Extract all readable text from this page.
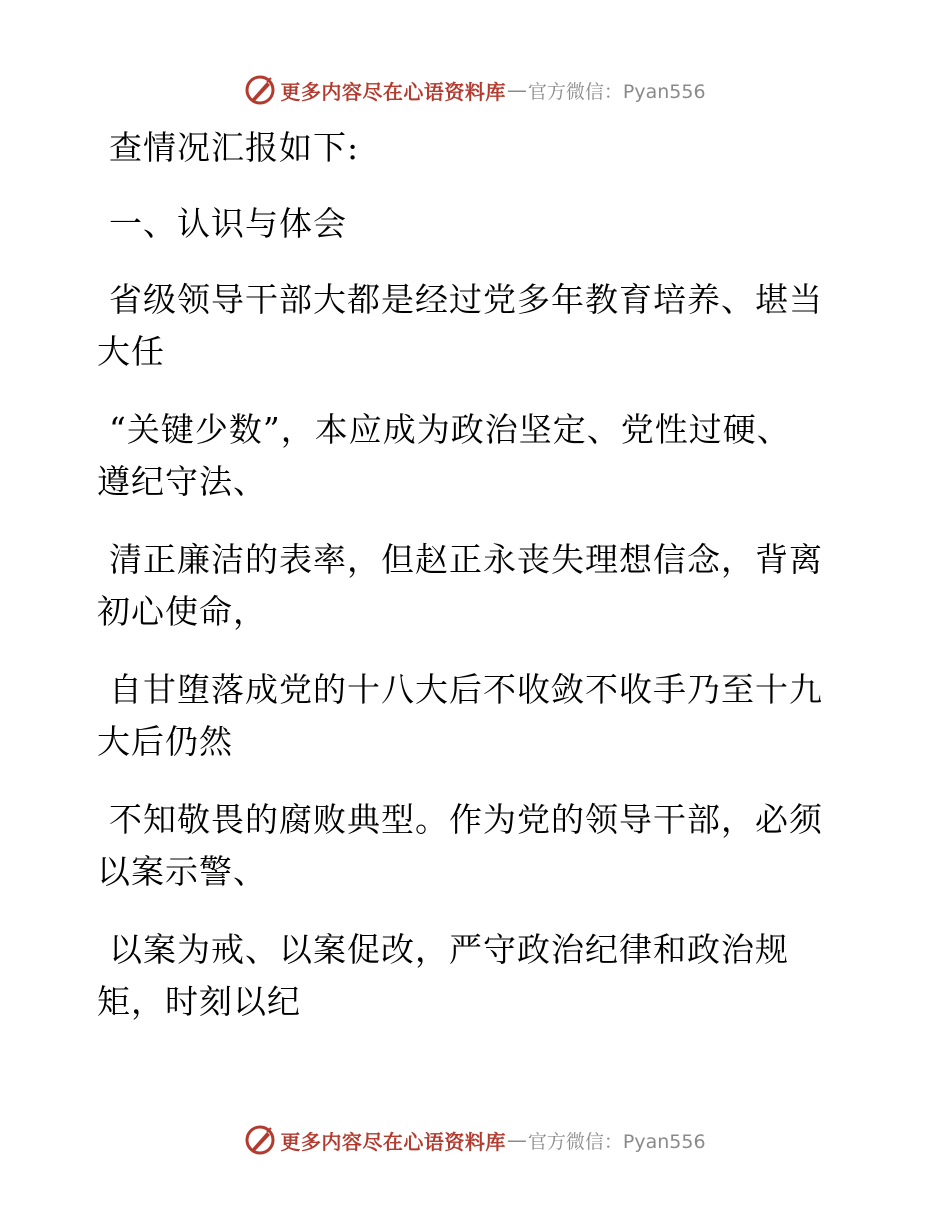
更多内容尽在心语资料库 — 官方微信：Pyan556
查情况汇报如下:
一、认识与体会
省级领导干部大都是经过党多年教育培养、堪当
大任
“关键少数”，本应成为政治坚定、党性过硬、
遵纪守法、
清正廉洁的表率，但赵正永丧失理想信念，背离
初心使命，
自甘堕落成党的十八大后不收敛不收手乃至十九
大后仍然
不知敬畏的腐败典型。作为党的领导干部，必须
以案示警、
以案为戒、以案促改，严守政治纪律和政治规
矩，时刻以纪
更多内容尽在心语资料库 — 官方微信：Pyan556
